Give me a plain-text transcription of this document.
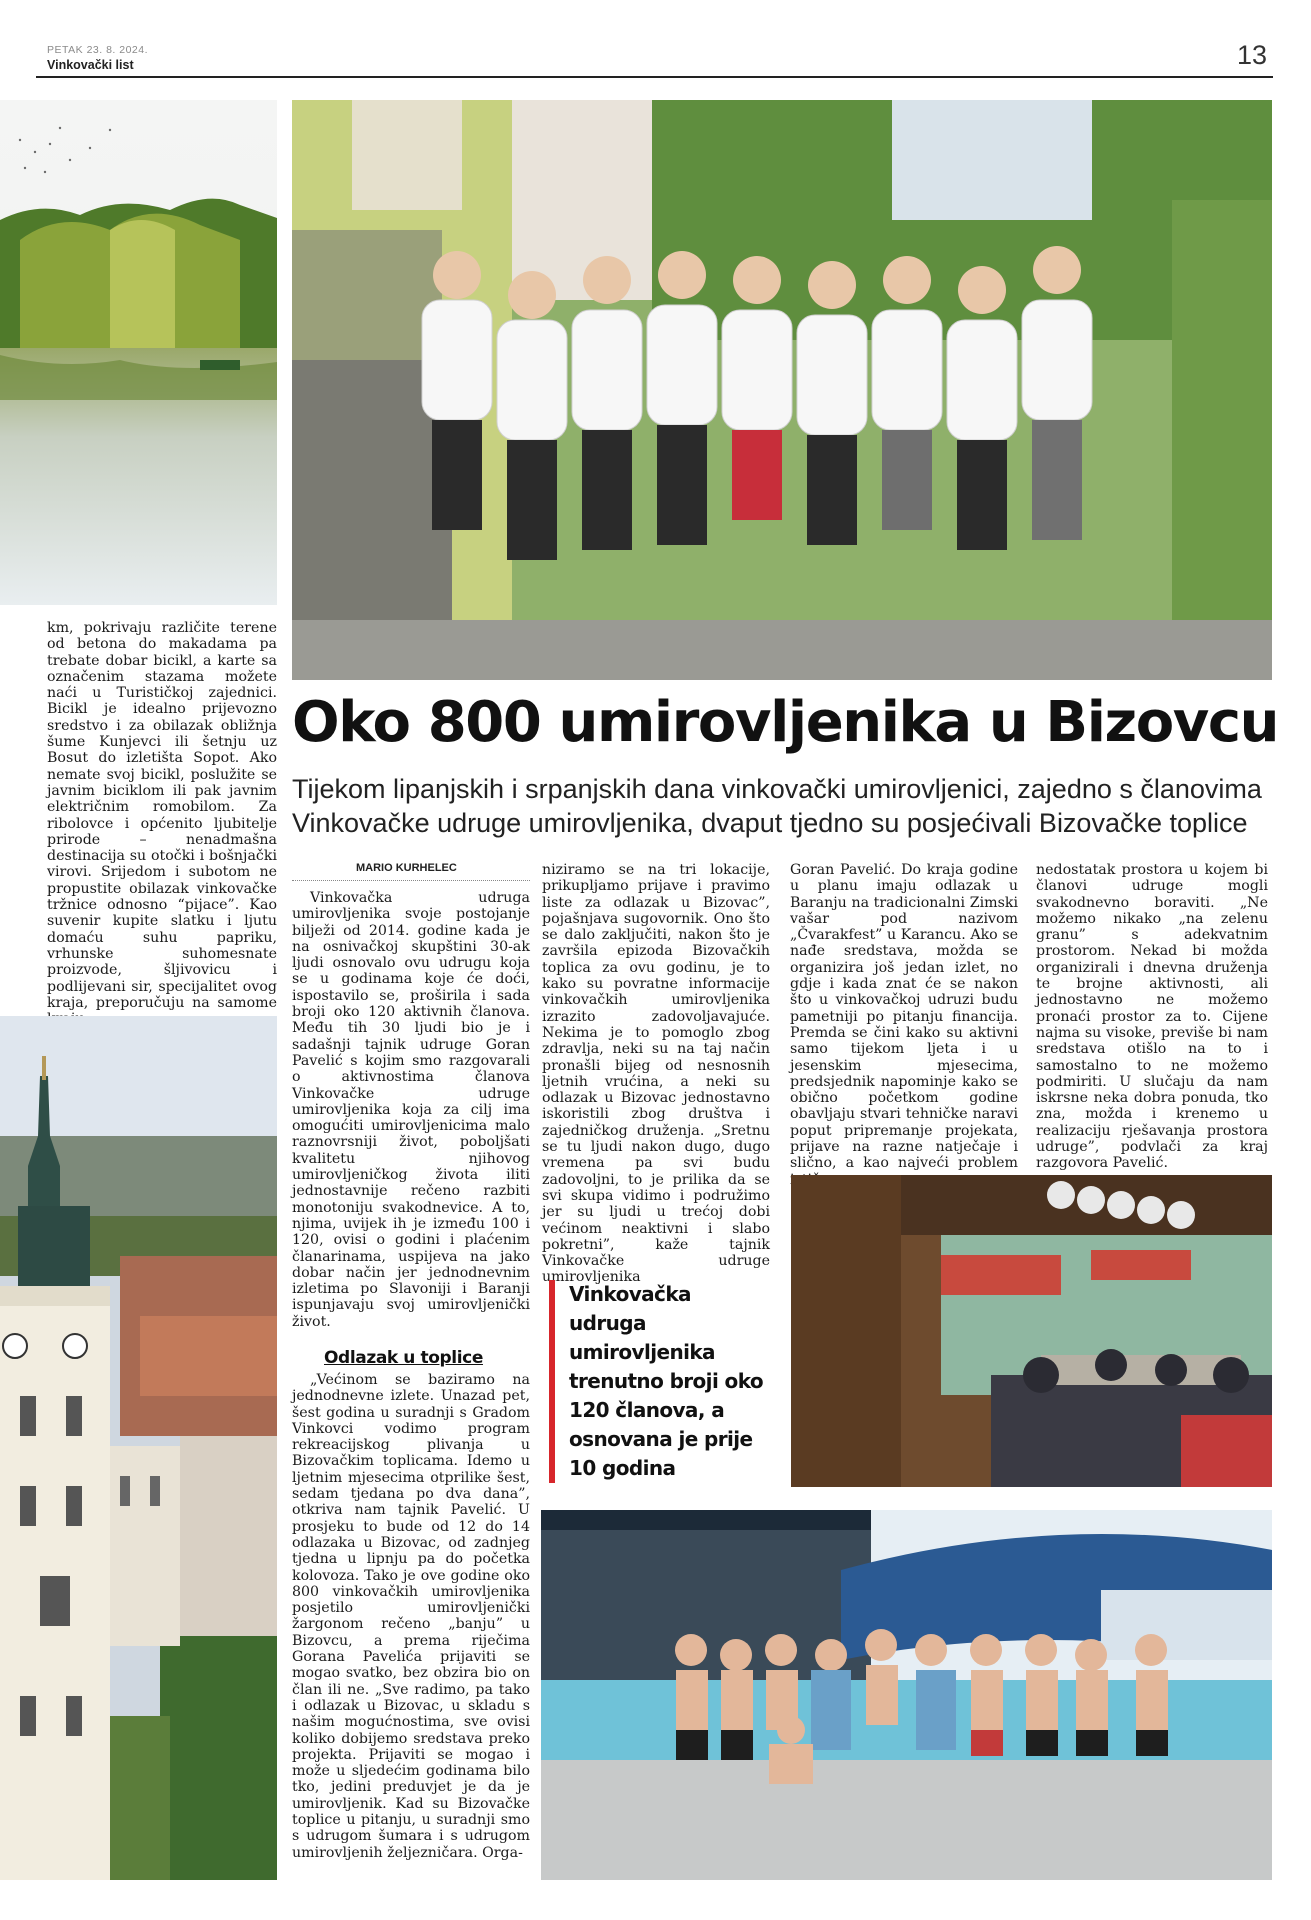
PETAK 23. 8. 2024.
Vinkovački list	13

km, pokrivaju različite terene od betona do makadama pa trebate dobar bicikl, a karte sa označenim stazama možete naći u Turističkoj zajednici. Bicikl je idealno prijevozno sredstvo i za obilazak obližnja šume Kunjevci ili šetnju uz Bosut do izletišta Sopot. Ako nemate svoj bicikl, poslužite se javnim biciklom ili pak javnim električnim romobilom. Za ribolovce i općenito ljubitelje prirode – nenadmašna destinacija su otočki i bošnjački virovi. Srijedom i subotom ne propustite obilazak vinkovačke tržnice odnosno “pijace”. Kao suvenir kupite slatku i ljutu domaću suhu papriku, vrhunske suhomesnate proizvode, šljivovicu i podlijevani sir, specijalitet ovog kraja, preporučuju na samome

Oko 800 umirovljenika u Bizovcu
Tijekom lipanjskih i srpanjskih dana vinkovački umirovljenici, zajedno s članovima Vinkovačke udruge umirovljenika, dvaput tjedno su posjećivali Bizovačke toplice
MARIO KURHELEC

Vinkovačka udruga umirovljenika svoje postojanje bilježi od 2014. godine kada je na osnivačkoj skupštini 30-ak ljudi osnovalo ovu udrugu koja se u godinama koje će doći, ispostavilo se, proširila i sada broji oko 120 aktivnih članova. Među tih 30 ljudi bio je i sadašnji tajnik udruge Goran Pavelić s kojim smo razgovarali o aktivnostima članova Vinkovačke udruge umirovljenika koja za cilj ima omogućiti umirovljenicima malo raznovrsniji život, poboljšati kvalitetu njihovog umirovljeničkog života iliti jednostavnije rečeno razbiti monotoniju svakodnevice. A to, njima, uvijek ih je između 100 i 120, ovisi o godini i plaćenim članarinama, uspijeva na jako dobar način jer jednodnevnim izletima po Slavoniji i Baranji ispunjavaju svoj umirovljenički život.

Odlazak u toplice

„Većinom se baziramo na jednodnevne izlete. Unazad pet, šest godina u suradnji s Gradom Vinkovci vodimo program rekreacijskog plivanja u Bizovačkim toplicama. Idemo u ljetnim mjesecima otprilike šest, sedam tjedana po dva dana”, otkriva nam tajnik Pavelić. U prosjeku to bude od 12 do 14 odlazaka u Bizovac, od zadnjeg tjedna u lipnju pa do početka kolovoza. Tako je ove godine oko 800 vinkovačkih umirovljenika posjetilo umirovljenički žargonom rečeno „banju” u Bizovcu, a prema riječima Gorana Pavelića prijaviti se mogao svatko, bez obzira bio on član ili ne. „Sve radimo, pa tako i odlazak u Bizovac, u skladu s našim mogućnostima, sve ovisi koliko dobijemo sredstava preko projekta. Prijaviti se mogao i može u sljedećim godinama bilo tko, jedini preduvjet je da je umirovljenik. Kad su Bizovačke toplice u pitanju, u suradnji smo s udrugom šumara i s udrugom umirovljenih željezničara. Orga-

niziramo se na tri lokacije, prikupljamo prijave i pravimo liste za odlazak u Bizovac”, pojašnjava sugovornik. Ono što se dalo zaključiti, nakon što je završila epizoda Bizovačkih toplica za ovu godinu, je to kako su povratne informacije vinkovačkih umirovljenika izrazito zadovoljavajuće. Nekima je to pomoglo zbog zdravlja, neki su na taj način pronašli bijeg od nesnosnih ljetnih vrućina, a neki su odlazak u Bizovac jednostavno iskoristili zbog društva i zajedničkog druženja. „Sretnu se tu ljudi nakon dugo, dugo vremena pa svi budu zadovoljni, to je prilika da se svi skupa vidimo i podružimo jer su ljudi u trećoj dobi većinom neaktivni i slabo pokretni”, kaže tajnik Vinkovačke udruge umirovljenika

Vinkovačka udruga umirovljenika trenutno broji oko 120 članova, a osnovana je prije 10 godina

Goran Pavelić. Do kraja godine u planu imaju odlazak u Baranju na tradicionalni Zimski vašar pod nazivom „Čvarakfest” u Karancu. Ako se nađe sredstava, možda se organizira još jedan izlet, no gdje i kada znat će se nakon što u vinkovačkoj udruzi budu pametniji po pitanju financija. Premda se čini kako su aktivni samo tijekom ljeta i u jesenskim mjesecima, predsjednik napominje kako se obično početkom godine obavljaju stvari tehničke naravi poput pripremanje projekata, prijave na razne natječaje i slično, a kao najveći problem

nedostatak prostora u kojem bi članovi udruge mogli svakodnevno boraviti. „Ne možemo nikako „na zelenu granu” s adekvatnim prostorom. Nekad bi možda organizirali i dnevna druženja te brojne aktivnosti, ali jednostavno ne možemo pronaći prostor za to. Cijene najma su visoke, previše bi nam sredstava otišlo na to i samostalno to ne možemo podmiriti. U slučaju da nam iskrsne neka dobra ponuda, tko zna, možda i krenemo u realizaciju rješavanja prostora udruge”, podvlači za kraj razgovora Pavelić.
